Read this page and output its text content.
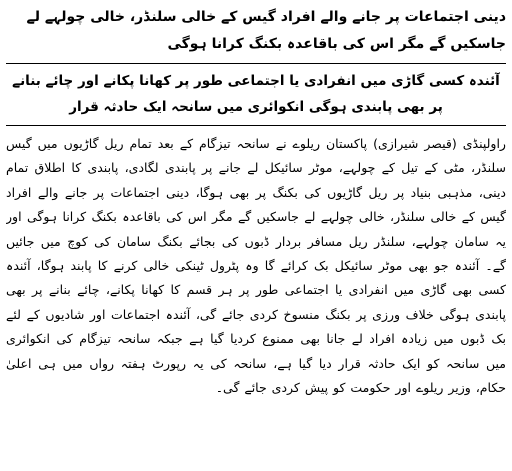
دینی اجتماعات پر جانے والے افراد گیس کے خالی سلنڈر، خالی چولہے لے جاسکیں گے مگر اس کی باقاعدہ بکنگ کرانا ہوگی

آئندہ کسی گاڑی میں انفرادی یا اجتماعی طور پر کھانا پکانے اور چائے بنانے پر بھی پابندی ہوگی انکوائری میں سانحہ ایک حادثہ قرار

راولپنڈی (قیصر شیرازی) پاکستان ریلوے نے سانحہ تیزگام کے بعد تمام ریل گاڑیوں میں گیس سلنڈر، مٹی کے تیل کے چولہے، موٹر سائیکل لے جانے پر پابندی لگادی، پابندی کا اطلاق تمام دینی، مذہبی بنیاد پر ریل گاڑیوں کی بکنگ پر بھی ہوگا، دینی اجتماعات پر جانے والے افراد گیس کے خالی سلنڈر، خالی چولہے لے جاسکیں گے مگر اس کی باقاعدہ بکنگ کرانا ہوگی اور یہ سامان چولہے، سلنڈر ریل مسافر بردار ڈبوں کی بجائے بکنگ سامان کی کوچ میں جائیں گے۔ آئندہ جو بھی موٹر سائیکل بک کرائے گا وہ پٹرول ٹینکی خالی کرنے کا پابند ہوگا، آئندہ کسی بھی گاڑی میں انفرادی یا اجتماعی طور پر ہر قسم کا کھانا پکانے، چائے بنانے پر بھی پابندی ہوگی خلاف ورزی پر بکنگ منسوخ کردی جائے گی، آئندہ اجتماعات اور شادیوں کے لئے بک ڈبوں میں زیادہ افراد لے جانا بھی ممنوع کردیا گیا ہے جبکہ سانحہ تیزگام کی انکوائری میں سانحہ کو ایک حادثہ قرار دیا گیا ہے، سانحہ کی یہ رپورٹ ہفتہ رواں میں ہی اعلیٰ حکام، وزیر ریلوے اور حکومت کو پیش کردی جائے گی۔
